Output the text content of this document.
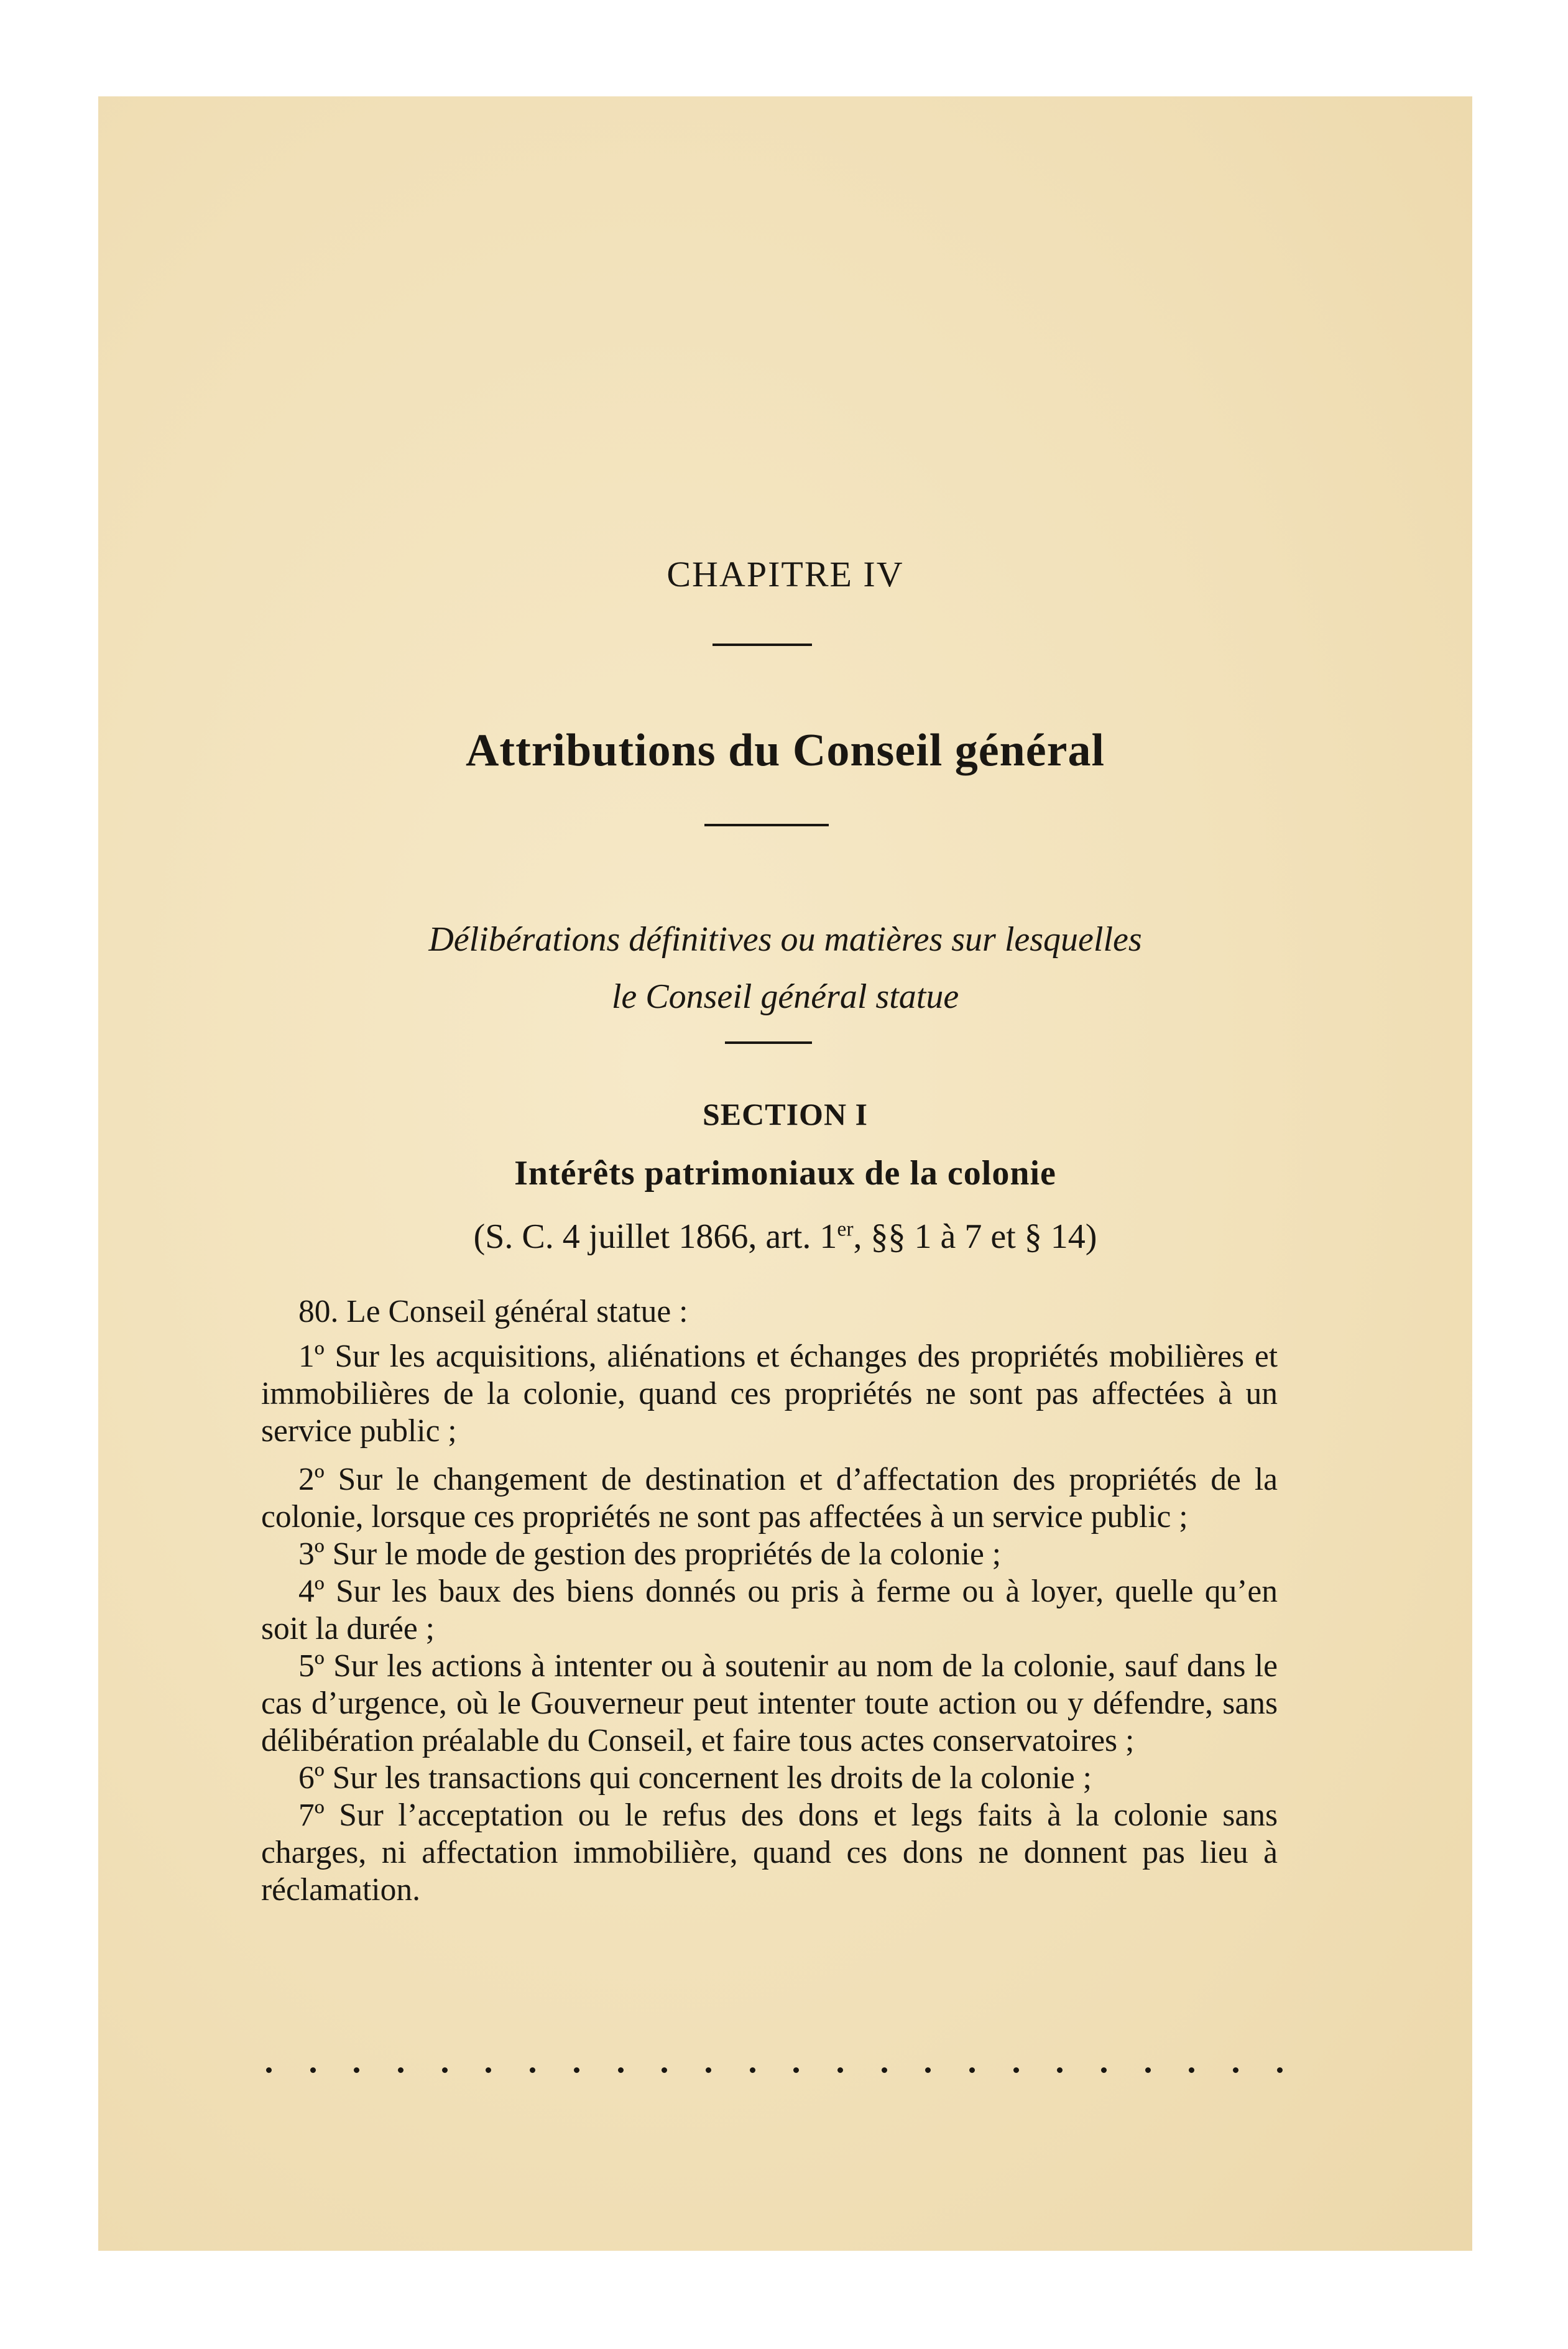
CHAPITRE IV
Attributions du Conseil général
Délibérations définitives ou matières sur lesquelles
le Conseil général statue
SECTION I
Intérêts patrimoniaux de la colonie
(S. C. 4 juillet 1866, art. 1er, §§ 1 à 7 et § 14)

80. Le Conseil général statue :

1º Sur les acquisitions, aliénations et échanges des propriétés mobilières et immobilières de la colonie, quand ces propriétés ne sont pas affectées à un service public ;

2º Sur le changement de destination et d’affectation des propriétés de la colonie, lorsque ces propriétés ne sont pas affectées à un service public ;

3º Sur le mode de gestion des propriétés de la colonie ;

4º Sur les baux des biens donnés ou pris à ferme ou à loyer, quelle qu’en soit la durée ;

5º Sur les actions à intenter ou à soutenir au nom de la colonie, sauf dans le cas d’urgence, où le Gouverneur peut intenter toute action ou y défendre, sans délibération préalable du Conseil, et faire tous actes conservatoires ;

6º Sur les transactions qui concernent les droits de la colonie ;

7º Sur l’acceptation ou le refus des dons et legs faits à la colonie sans charges, ni affectation immobilière, quand ces dons ne donnent pas lieu à réclamation.
